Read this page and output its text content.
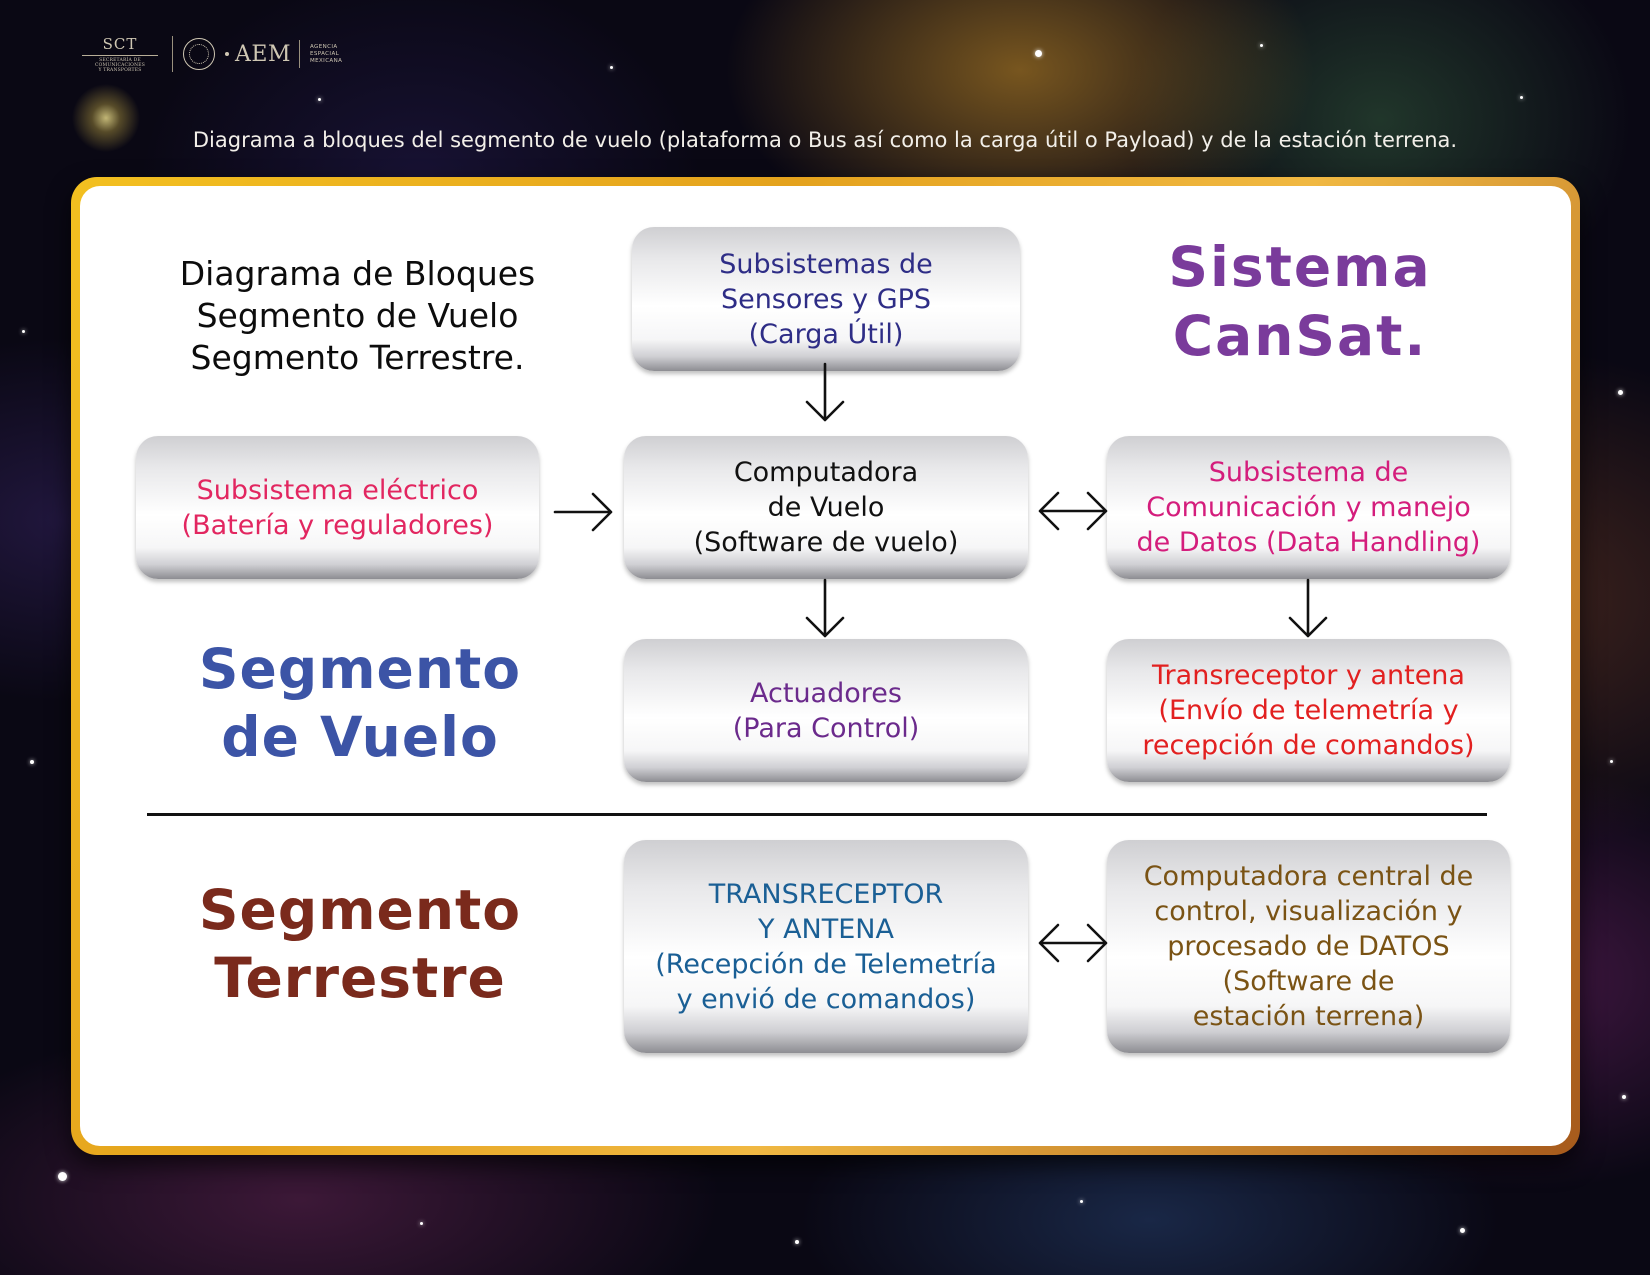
SCT
SECRETARÍA DE COMUNICACIONES
Y TRANSPORTES
AEM	AGENCIA
ESPACIAL
MEXICANA
Diagrama a bloques del segmento de vuelo (plataforma o Bus así como la carga útil o Payload) y de la estación terrena.
Diagrama de Bloques
Segmento de Vuelo
Segmento Terrestre.
Sistema
CanSat.
Segmento
de Vuelo
Segmento
Terrestre
Subsistemas de
Sensores y GPS
(Carga Útil)
Subsistema eléctrico
(Batería y reguladores)
Computadora
de Vuelo
(Software de vuelo)
Subsistema de
Comunicación y manejo
de Datos (Data Handling)
Actuadores
(Para Control)
Transreceptor y antena
(Envío de telemetría y
recepción de comandos)
TRANSRECEPTOR
Y ANTENA
(Recepción de Telemetría
y envió de comandos)
Computadora central de
control, visualización y
procesado de DATOS
(Software de
estación terrena)
